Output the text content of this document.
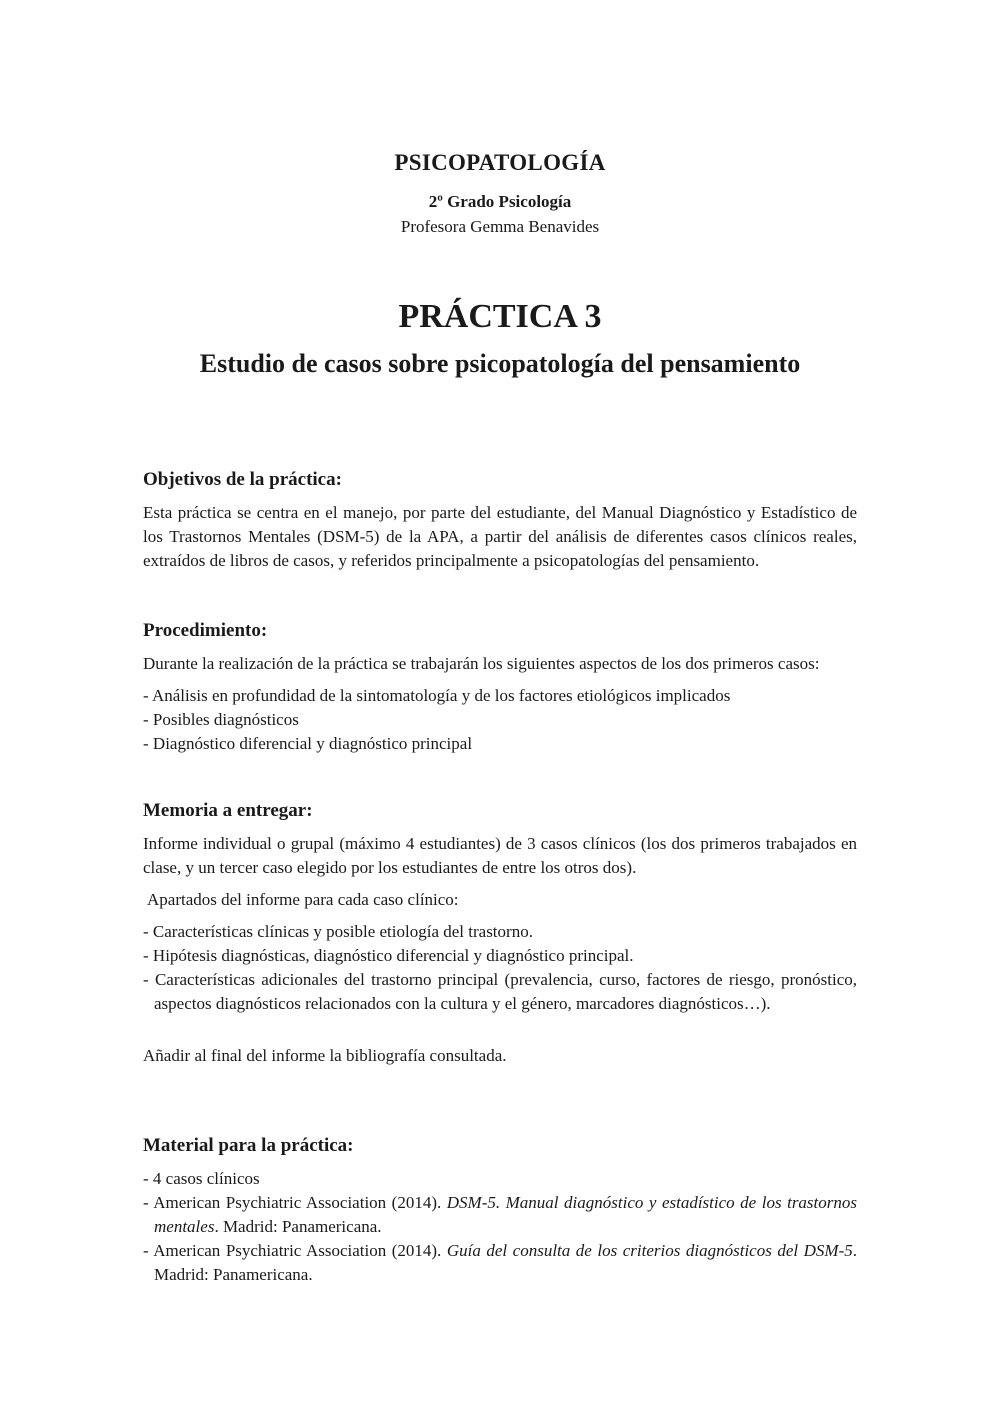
PSICOPATOLOGÍA
2º Grado Psicología
Profesora Gemma Benavides
PRÁCTICA 3
Estudio de casos sobre psicopatología del pensamiento
Objetivos de la práctica:

Esta práctica se centra en el manejo, por parte del estudiante, del Manual Diagnóstico y Estadístico de los Trastornos Mentales (DSM-5) de la APA, a partir del análisis de diferentes casos clínicos reales, extraídos de libros de casos, y referidos principalmente a psicopatologías del pensamiento.

Procedimiento:

Durante la realización de la práctica se trabajarán los siguientes aspectos de los dos primeros casos:

- Análisis en profundidad de la sintomatología y de los factores etiológicos implicados
- Posibles diagnósticos
- Diagnóstico diferencial y diagnóstico principal
Memoria a entregar:

Informe individual o grupal (máximo 4 estudiantes) de 3 casos clínicos (los dos primeros trabajados en clase, y un tercer caso elegido por los estudiantes de entre los otros dos).

Apartados del informe para cada caso clínico:

- Características clínicas y posible etiología del trastorno.
- Hipótesis diagnósticas, diagnóstico diferencial y diagnóstico principal.
- Características adicionales del trastorno principal (prevalencia, curso, factores de riesgo, pronóstico, aspectos diagnósticos relacionados con la cultura y el género, marcadores diagnósticos…).

Añadir al final del informe la bibliografía consultada.

Material para la práctica:
- 4 casos clínicos
- American Psychiatric Association (2014). DSM-5. Manual diagnóstico y estadístico de los trastornos mentales. Madrid: Panamericana.
- American Psychiatric Association (2014). Guía del consulta de los criterios diagnósticos del DSM-5. Madrid: Panamericana.
